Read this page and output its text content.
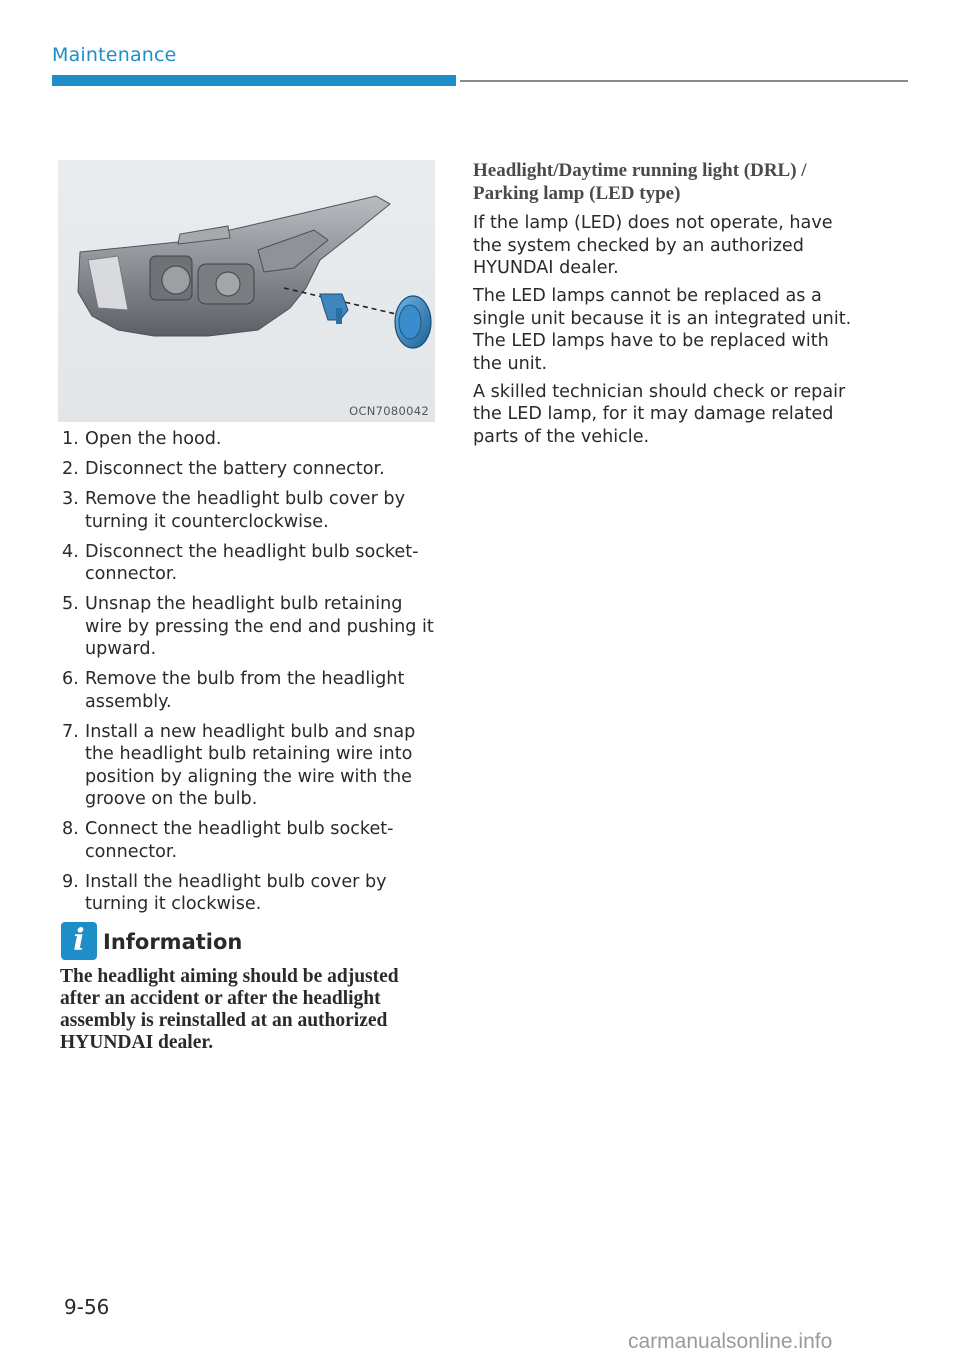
Maintenance
OCN7080042
1. Open the hood.
2. Disconnect the battery connector.
3. Remove the headlight bulb cover by turning it counterclockwise.
4. Disconnect the headlight bulb socket-connector.
5. Unsnap the headlight bulb retaining wire by pressing the end and pushing it upward.
6. Remove the bulb from the headlight assembly.
7. Install a new headlight bulb and snap the headlight bulb retaining wire into position by aligning the wire with the groove on the bulb.
8. Connect the headlight bulb socket-connector.
9. Install the headlight bulb cover by turning it clockwise.
i Information
The headlight aiming should be adjusted after an accident or after the headlight assembly is reinstalled at an authorized HYUNDAI dealer.
Headlight/Daytime running light (DRL) / Parking lamp (LED type)

If the lamp (LED) does not operate, have the system checked by an authorized HYUNDAI dealer.

The LED lamps cannot be replaced as a single unit because it is an integrated unit. The LED lamps have to be replaced with the unit.

A skilled technician should check or repair the LED lamp, for it may damage related parts of the vehicle.

9-56
carmanualsonline.info
